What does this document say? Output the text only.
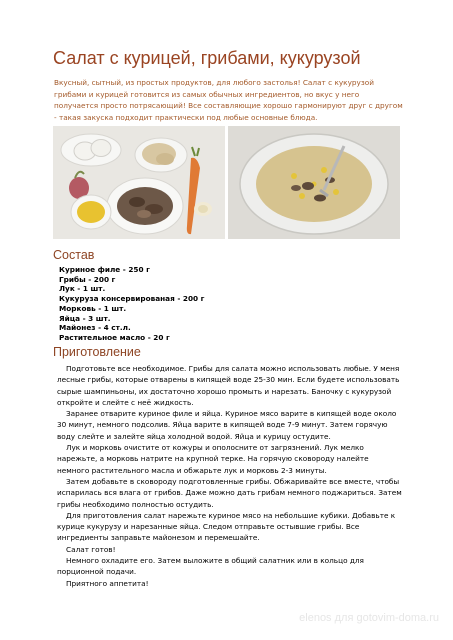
Салат с курицей, грибами, кукурузой

Вкусный, сытный, из простых продуктов, для любого застолья! Салат с кукурузой грибами и курицей готовится из самых обычных ингредиентов, но вкус у него получается просто потрясающий! Все составляющие хорошо гармонируют друг с другом - такая закуска подходит практически под любые основные блюда.

Состав
Куриное филе - 250 г
Грибы - 200 г
Лук - 1 шт.
Кукуруза консервированая - 200 г
Морковь - 1 шт.
Яйца - 3 шт.
Майонез - 4 ст.л.
Растительное масло - 20 г
Приготовление

Подготовьте все необходимое. Грибы для салата можно использовать любые. У меня лесные грибы, которые отварены в кипящей воде 25-30 мин. Если будете использовать сырые шампиньоны, их достаточно хорошо промыть и нарезать. Баночку с кукурузой откройте и слейте с неё жидкость.

Заранее отварите куриное филе и яйца. Куриное мясо варите в кипящей воде около 30 минут, немного подсолив. Яйца варите в кипящей воде 7-9 минут. Затем горячую воду слейте и залейте яйца холодной водой. Яйца и курицу остудите.

Лук и морковь очистите от кожуры и ополосните от загрязнений. Лук мелко нарежьте, а морковь натрите на крупной терке. На горячую сковороду налейте немного растительного масла и обжарьте лук и морковь 2-3 минуты.

Затем добавьте в сковороду подготовленные грибы. Обжаривайте все вместе, чтобы испарилась вся влага от грибов. Даже можно дать грибам немного поджариться. Затем грибы необходимо полностью остудить.

Для приготовления салат нарежьте куриное мясо на небольшие кубики. Добавьте к курице кукурузу и нарезанные яйца. Следом отправьте остывшие грибы. Все ингредиенты заправьте майонезом и перемешайте.

Салат готов!

Немного охладите его. Затем выложите в общий салатник или в кольцо для порционной подачи.

Приятного аппетита!

elenos для gotovim-doma.ru
